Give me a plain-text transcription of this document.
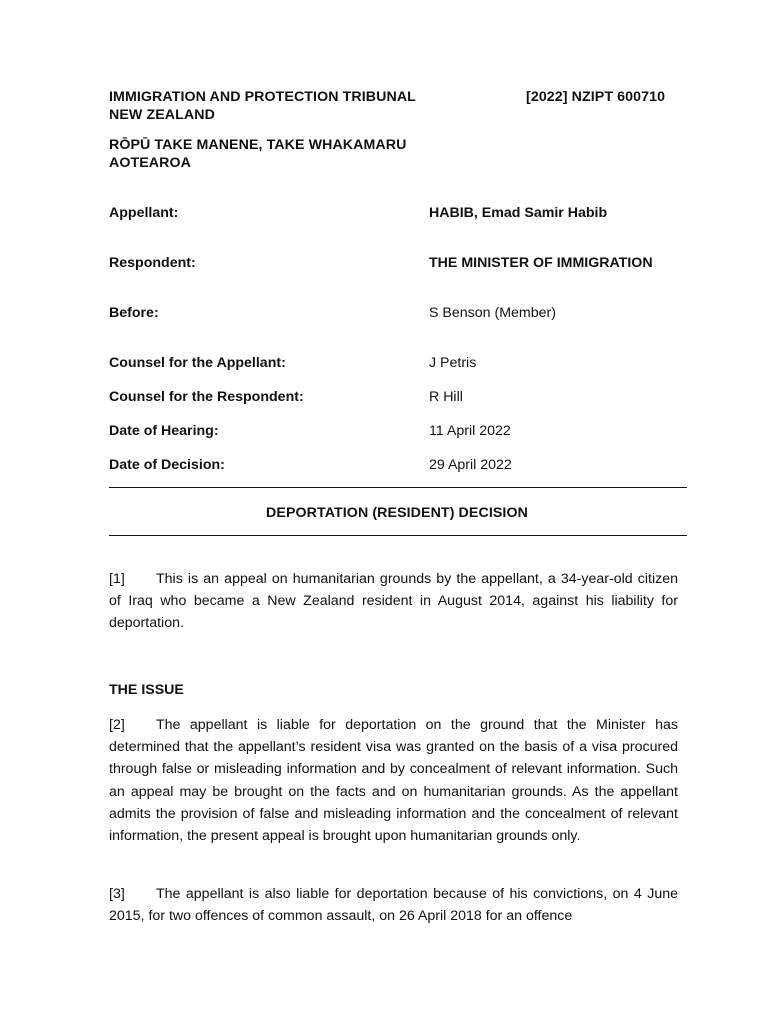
IMMIGRATION AND PROTECTION TRIBUNAL
NEW ZEALAND
[2022] NZIPT 600710
RŌPŪ TAKE MANENE, TAKE WHAKAMARU
AOTEAROA
Appellant:	HABIB, Emad Samir Habib
Respondent:	THE MINISTER OF IMMIGRATION
Before:	S Benson (Member)
Counsel for the Appellant:	J Petris
Counsel for the Respondent:	R Hill
Date of Hearing:	11 April 2022
Date of Decision:	29 April 2022
DEPORTATION (RESIDENT) DECISION
[1] This is an appeal on humanitarian grounds by the appellant, a 34-year-old citizen of Iraq who became a New Zealand resident in August 2014, against his liability for deportation.
THE ISSUE
[2] The appellant is liable for deportation on the ground that the Minister has determined that the appellant’s resident visa was granted on the basis of a visa procured through false or misleading information and by concealment of relevant information. Such an appeal may be brought on the facts and on humanitarian grounds. As the appellant admits the provision of false and misleading information and the concealment of relevant information, the present appeal is brought upon humanitarian grounds only.
[3] The appellant is also liable for deportation because of his convictions, on 4 June 2015, for two offences of common assault, on 26 April 2018 for an offence
